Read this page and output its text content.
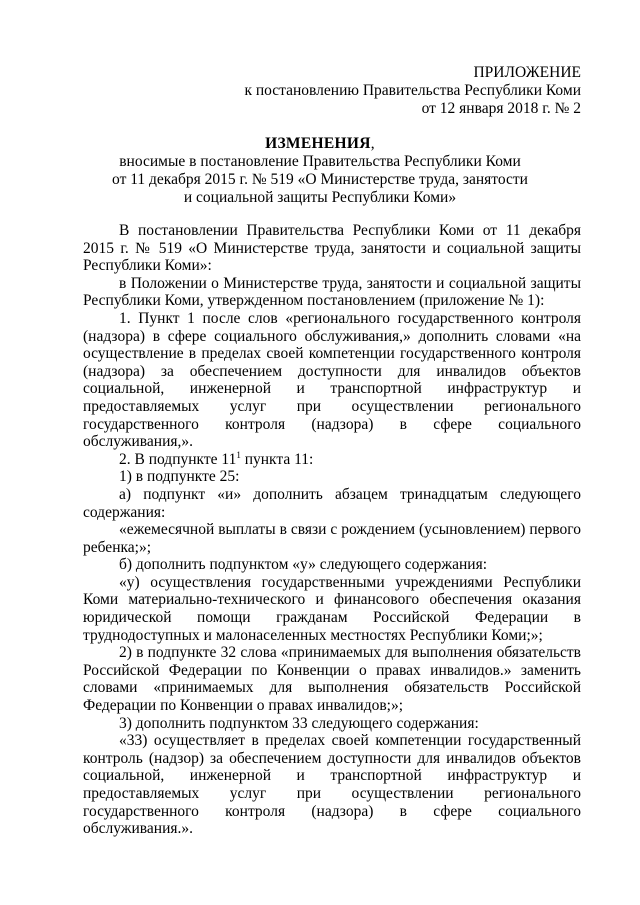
ПРИЛОЖЕНИЕ
к постановлению Правительства Республики Коми
от 12 января 2018 г. № 2
ИЗМЕНЕНИЯ,
вносимые в постановление Правительства Республики Коми
от 11 декабря 2015 г. № 519 «О Министерстве труда, занятости
и социальной защиты Республики Коми»

В постановлении Правительства Республики Коми от 11 декабря 2015 г. № 519 «О Министерстве труда, занятости и социальной защиты Республики Коми»:

в Положении о Министерстве труда, занятости и социальной защиты Республики Коми, утвержденном постановлением (приложение № 1):

1. Пункт 1 после слов «регионального государственного контроля (надзора) в сфере социального обслуживания,» дополнить словами «на осуществление в пределах своей компетенции государственного контроля (надзора) за обеспечением доступности для инвалидов объектов социальной, инженерной и транспортной инфраструктур и предоставляемых услуг при осуществлении регионального государственного контроля (надзора) в сфере социального обслуживания,».

2. В подпункте $11^1$ пункта 11:

1) в подпункте 25:

а) подпункт «и» дополнить абзацем тринадцатым следующего содержания:

«ежемесячной выплаты в связи с рождением (усыновлением) первого ребенка;»;

б) дополнить подпунктом «у» следующего содержания:

«у) осуществления государственными учреждениями Республики Коми материально-технического и финансового обеспечения оказания юридической помощи гражданам Российской Федерации в труднодоступных и малонаселенных местностях Республики Коми;»;

2) в подпункте 32 слова «принимаемых для выполнения обязательств Российской Федерации по Конвенции о правах инвалидов.» заменить словами «принимаемых для выполнения обязательств Российской Федерации по Конвенции о правах инвалидов;»;

3) дополнить подпунктом 33 следующего содержания:

«33) осуществляет в пределах своей компетенции государственный контроль (надзор) за обеспечением доступности для инвалидов объектов социальной, инженерной и транспортной инфраструктур и предоставляемых услуг при осуществлении регионального государственного контроля (надзора) в сфере социального обслуживания.».
